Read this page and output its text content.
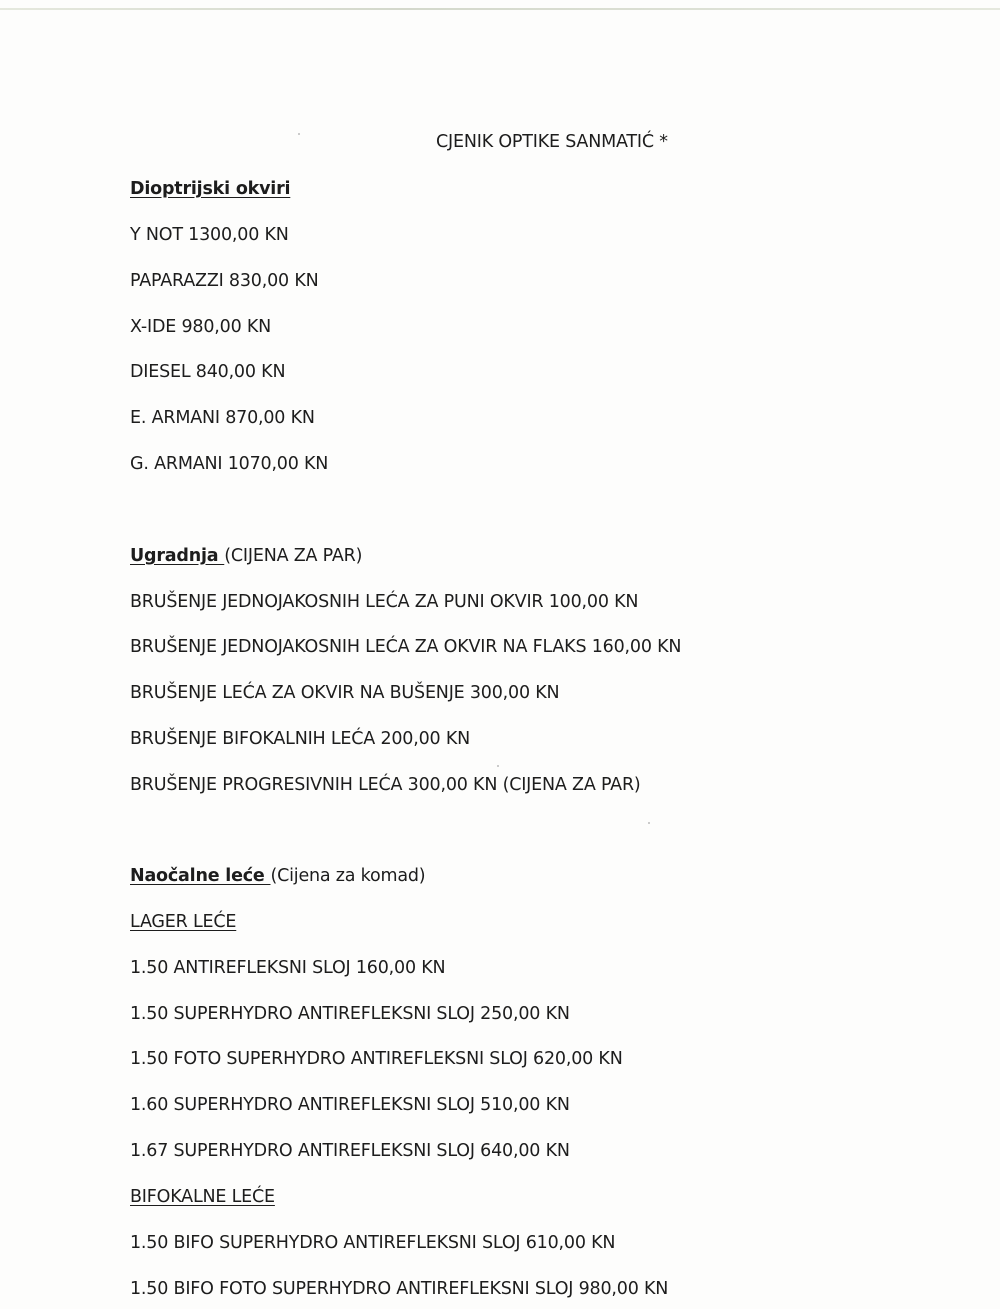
CJENIK OPTIKE SANMATIĆ *
Dioptrijski okviri
Y NOT 1300,00 KN
PAPARAZZI 830,00 KN
X-IDE 980,00 KN
DIESEL 840,00 KN
E. ARMANI 870,00 KN
G. ARMANI 1070,00 KN
Ugradnja (CIJENA ZA PAR)
BRUŠENJE JEDNOJAKOSNIH LEĆA ZA PUNI OKVIR 100,00 KN
BRUŠENJE JEDNOJAKOSNIH LEĆA ZA OKVIR NA FLAKS 160,00 KN
BRUŠENJE LEĆA ZA OKVIR NA BUŠENJE 300,00 KN
BRUŠENJE BIFOKALNIH LEĆA 200,00 KN
BRUŠENJE PROGRESIVNIH LEĆA 300,00 KN (CIJENA ZA PAR)
Naočalne leće (Cijena za komad)
LAGER LEĆE
1.50 ANTIREFLEKSNI SLOJ 160,00 KN
1.50 SUPERHYDRO ANTIREFLEKSNI SLOJ 250,00 KN
1.50 FOTO SUPERHYDRO ANTIREFLEKSNI SLOJ 620,00 KN
1.60 SUPERHYDRO ANTIREFLEKSNI SLOJ 510,00 KN
1.67 SUPERHYDRO ANTIREFLEKSNI SLOJ 640,00 KN
BIFOKALNE LEĆE
1.50 BIFO SUPERHYDRO ANTIREFLEKSNI SLOJ 610,00 KN
1.50 BIFO FOTO SUPERHYDRO ANTIREFLEKSNI SLOJ 980,00 KN
